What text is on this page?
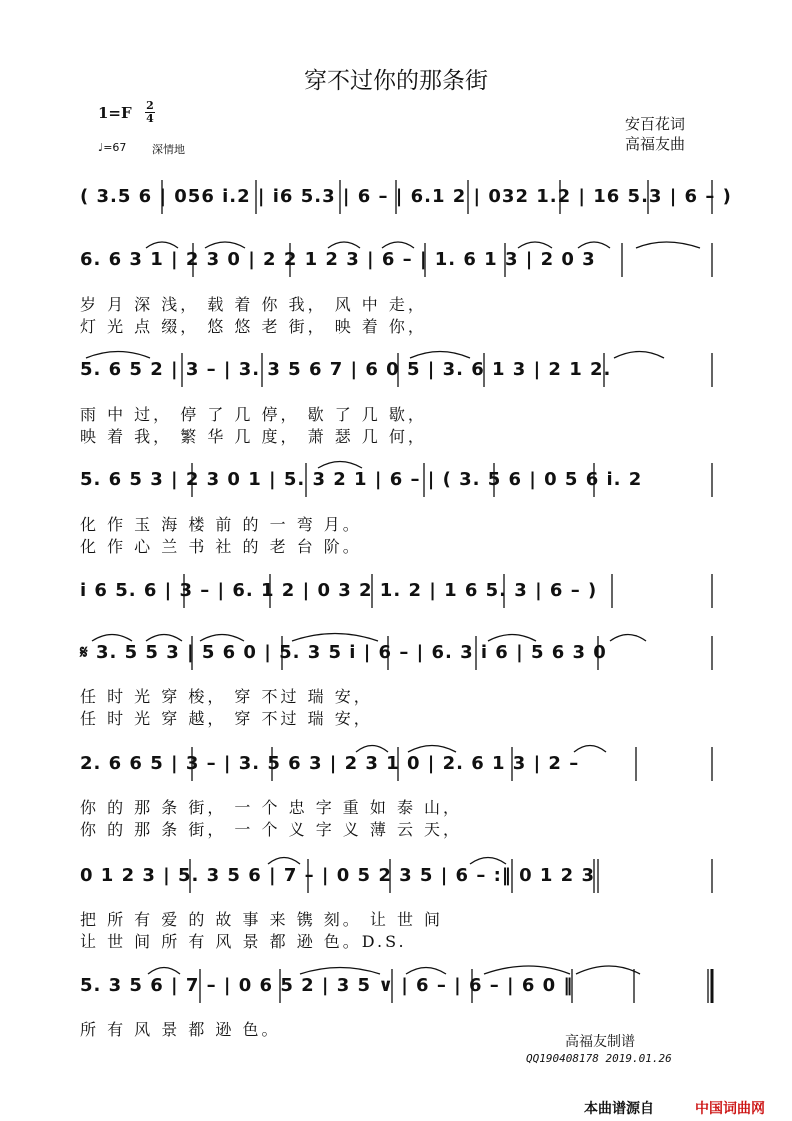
穿不过你的那条街
1=F 2
4
♩=67 深情地
安百花词
高福友曲
( 3.5 6 | 056 i.2 | i6 5.3 | 6 – | 6.1 2 | 032 1.2 | 16 5.3 | 6 – )
6. 6 3 1 | 2 3 0 | 2 2 1 2 3 | 6 – | 1. 6 1 3 | 2 0 3
岁 月 深 浅， 载 着 你 我， 风 中 走，
灯 光 点 缀， 悠 悠 老 街， 映 着 你，
5. 6 5 2 | 3 – | 3. 3 5 6 7 | 6 0 5 | 3. 6 1 3 | 2 1 2.
雨 中 过， 停 了 几 停， 歇 了 几 歇，
映 着 我， 繁 华 几 度， 萧 瑟 几 何，
5. 6 5 3 | 2 3 0 1 | 5. 3 2 1 | 6 – | ( 3. 5 6 | 0 5 6 i. 2
化 作 玉 海 楼 前 的 一 弯 月。
化 作 心 兰 书 社 的 老 台 阶。
i 6 5. 6 | 3 – | 6. 1 2 | 0 3 2 1. 2 | 1 6 5. 3 | 6 – )
𝄋 3. 5 5 3 | 5 6 0 | 5. 3 5 i | 6 – | 6. 3 i 6 | 5 6 3 0
任 时 光 穿 梭， 穿 不过 瑞 安，
任 时 光 穿 越， 穿 不过 瑞 安，
2. 6 6 5 | 3 – | 3. 5 6 3 | 2 3 1 0 | 2. 6 1 3 | 2 –
你 的 那 条 街， 一 个 忠 字 重 如 泰 山，
你 的 那 条 街， 一 个 义 字 义 薄 云 天，
0 1 2 3 | 5. 3 5 6 | 7 – | 0 5 2 3 5 | 6 – :‖ 0 1 2 3
把 所 有 爱 的 故 事 来 镌 刻。 让 世 间
让 世 间 所 有 风 景 都 逊 色。D.S.
5. 3 5 6 | 7 – | 0 6 5 2 | 3 5 ∨ | 6 – | 6 – | 6 0 ‖
所 有 风 景 都 逊 色。
高福友制谱
QQ190408178 2019.01.26
本曲谱源自	中国词曲网
